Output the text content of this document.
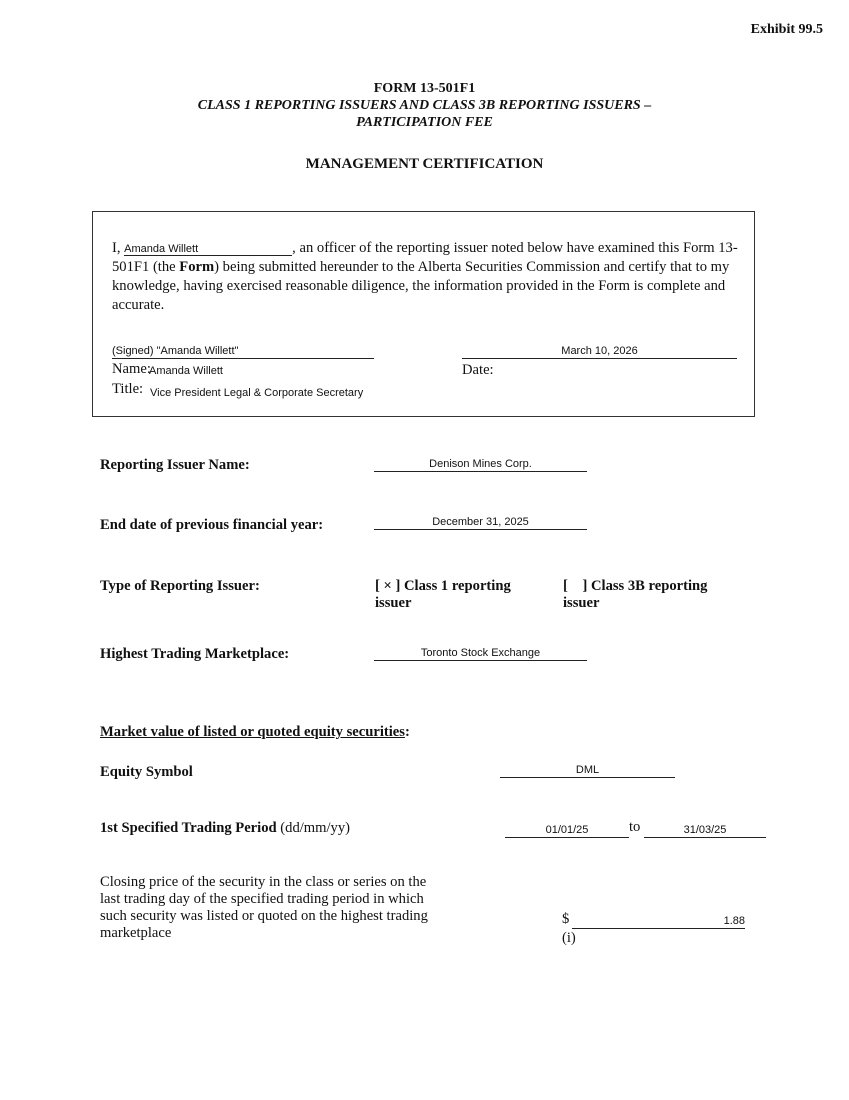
Exhibit 99.5
FORM 13-501F1
CLASS 1 REPORTING ISSUERS AND CLASS 3B REPORTING ISSUERS –
PARTICIPATION FEE
MANAGEMENT CERTIFICATION
I, Amanda Willett	, an officer of the reporting issuer noted below have examined this Form 13-501F1 (the Form) being submitted hereunder to the Alberta Securities Commission and certify that to my knowledge, having exercised reasonable diligence, the information provided in the Form is complete and accurate.
(Signed) "Amanda Willett"	March 10, 2026
Name:
Amanda Willett	Date:
Title: Vice President Legal & Corporate Secretary
Reporting Issuer Name:	Denison Mines Corp.
End date of previous financial year:	December 31, 2025
Type of Reporting Issuer:	[ × ] Class 1 reporting
issuer
[    ] Class 3B reporting
issuer
Highest Trading Marketplace:	Toronto Stock Exchange
Market value of listed or quoted equity securities:
Equity Symbol	DML
1st Specified Trading Period (dd/mm/yy)	01/01/25	to	31/03/25
Closing price of the security in the class or series on the
last trading day of the specified trading period in which
such security was listed or quoted on the highest trading
marketplace
$	1.88
(i)
